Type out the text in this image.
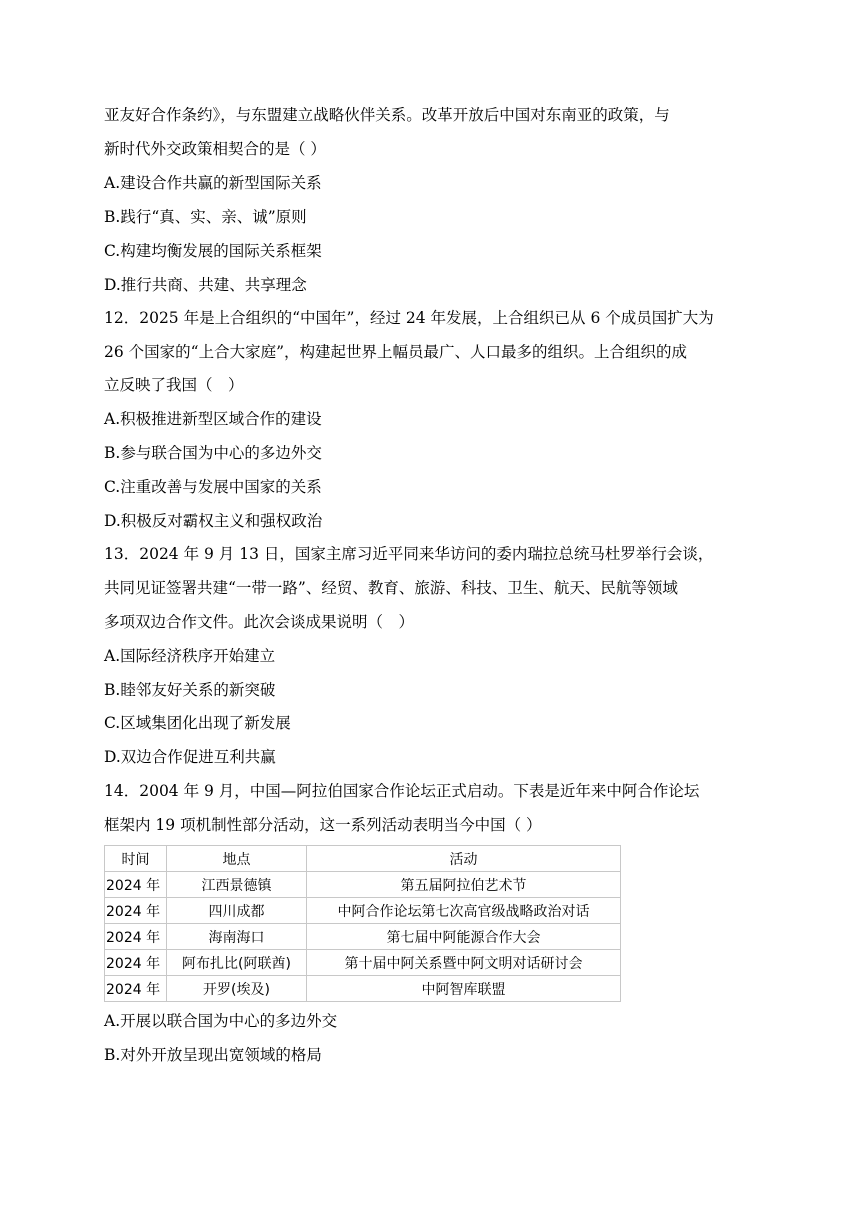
亚友好合作条约》，与东盟建立战略伙伴关系。改革开放后中国对东南亚的政策，与
新时代外交政策相契合的是（ ）
A.建设合作共赢的新型国际关系
B.践行“真、实、亲、诚”原则
C.构建均衡发展的国际关系框架
D.推行共商、共建、共享理念
12．2025 年是上合组织的“中国年”，经过 24 年发展，上合组织已从 6 个成员国扩大为
26 个国家的“上合大家庭”，构建起世界上幅员最广、人口最多的组织。上合组织的成
立反映了我国（　）
A.积极推进新型区域合作的建设
B.参与联合国为中心的多边外交
C.注重改善与发展中国家的关系
D.积极反对霸权主义和强权政治
13．2024 年 9 月 13 日，国家主席习近平同来华访问的委内瑞拉总统马杜罗举行会谈，
共同见证签署共建“一带一路”、经贸、教育、旅游、科技、卫生、航天、民航等领域
多项双边合作文件。此次会谈成果说明（　）
A.国际经济秩序开始建立
B.睦邻友好关系的新突破
C.区域集团化出现了新发展
D.双边合作促进互利共赢
14．2004 年 9 月，中国—阿拉伯国家合作论坛正式启动。下表是近年来中阿合作论坛
框架内 19 项机制性部分活动，这一系列活动表明当今中国（ ）
时间	地点	活动
2024 年	江西景德镇	第五届阿拉伯艺术节
2024 年	四川成都	中阿合作论坛第七次高官级战略政治对话
2024 年	海南海口	第七届中阿能源合作大会
2024 年	阿布扎比(阿联酋)	第十届中阿关系暨中阿文明对话研讨会
2024 年	开罗(埃及)	中阿智库联盟
A.开展以联合国为中心的多边外交
B.对外开放呈现出宽领域的格局
